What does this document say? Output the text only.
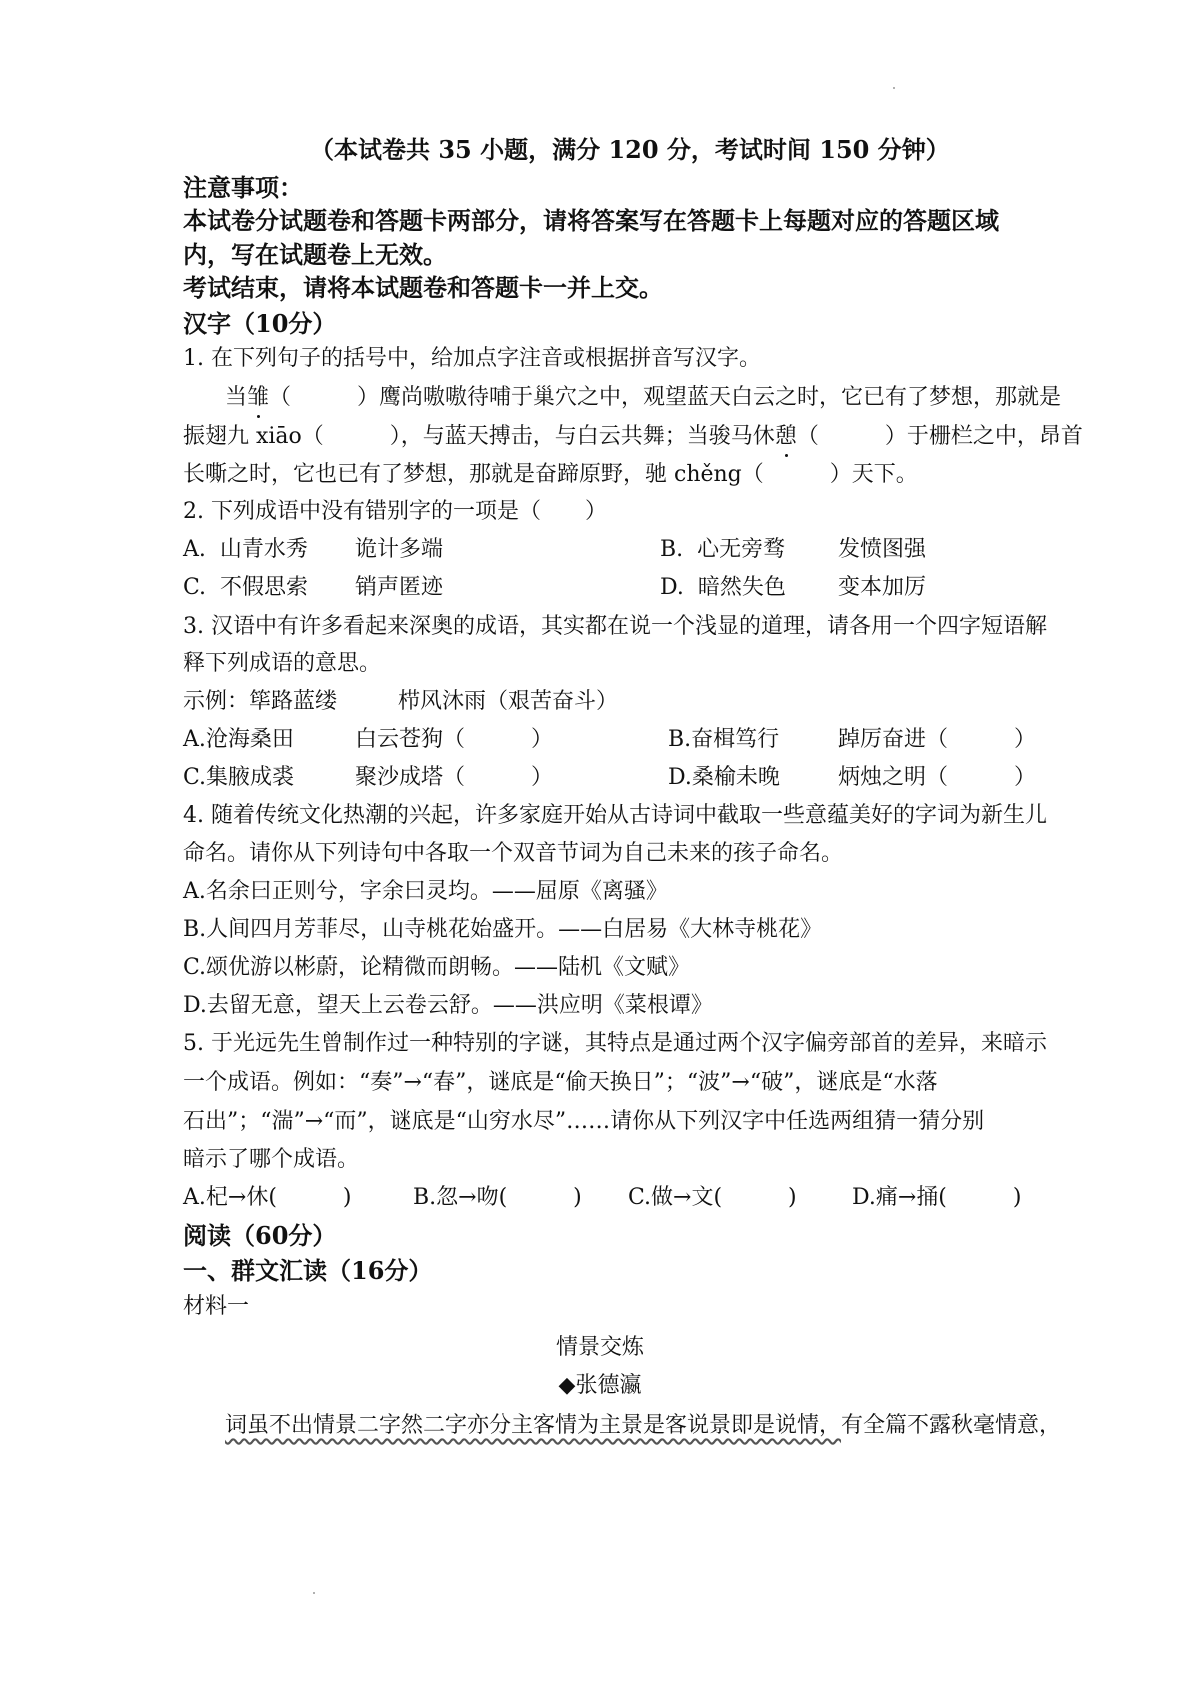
（本试卷共 35 小题，满分 120 分，考试时间 150 分钟）
注意事项：
本试卷分试题卷和答题卡两部分，请将答案写在答题卡上每题对应的答题区域
内，写在试题卷上无效。
考试结束，请将本试题卷和答题卡一并上交。
汉字（10分）
1. 在下列句子的括号中，给加点字注音或根据拼音写汉字。
当雏（　　　）鹰尚嗷嗷待哺于巢穴之中，观望蓝天白云之时，它已有了梦想，那就是
振翅九 xiāo（　　　），与蓝天搏击，与白云共舞；当骏马休憩（　　　）于栅栏之中，昂首
长嘶之时，它也已有了梦想，那就是奋蹄原野，驰 chěng（　　　）天下。
2. 下列成语中没有错别字的一项是（　　）
A. 山青水秀 诡计多端	B. 心无旁骛 发愤图强
C. 不假思索 销声匿迹	D. 暗然失色 变本加厉
3. 汉语中有许多看起来深奥的成语，其实都在说一个浅显的道理，请各用一个四字短语解
释下列成语的意思。
示例：筚路蓝缕	栉风沐雨（艰苦奋斗）
A.沧海桑田	白云苍狗（　　　）	B.奋楫笃行	踔厉奋进（　　　）
C.集腋成裘	聚沙成塔（　　　）	D.桑榆未晚	炳烛之明（　　　）
4. 随着传统文化热潮的兴起，许多家庭开始从古诗词中截取一些意蕴美好的字词为新生儿
命名。请你从下列诗句中各取一个双音节词为自己未来的孩子命名。
A.名余曰正则兮，字余曰灵均。——屈原《离骚》
B.人间四月芳菲尽，山寺桃花始盛开。——白居易《大林寺桃花》
C.颂优游以彬蔚，论精微而朗畅。——陆机《文赋》
D.去留无意，望天上云卷云舒。——洪应明《菜根谭》
5. 于光远先生曾制作过一种特别的字谜，其特点是通过两个汉字偏旁部首的差异，来暗示
一个成语。例如：“奏”→“春”，谜底是“偷天换日”；“波”→“破”，谜底是“水落
石出”；“湍”→“而”，谜底是“山穷水尽”……请你从下列汉字中任选两组猜一猜分别
暗示了哪个成语。
A.杞→休(　　　)	B.忽→吻(　　　) C.做→文(　　　)	D.痛→捅(　　　)
阅读（60分）
一、群文汇读（16分）
材料一
情景交炼
◆张德瀛
词虽不出情景二字然二字亦分主客情为主景是客说景即是说情，有全篇不露秋毫情意，
